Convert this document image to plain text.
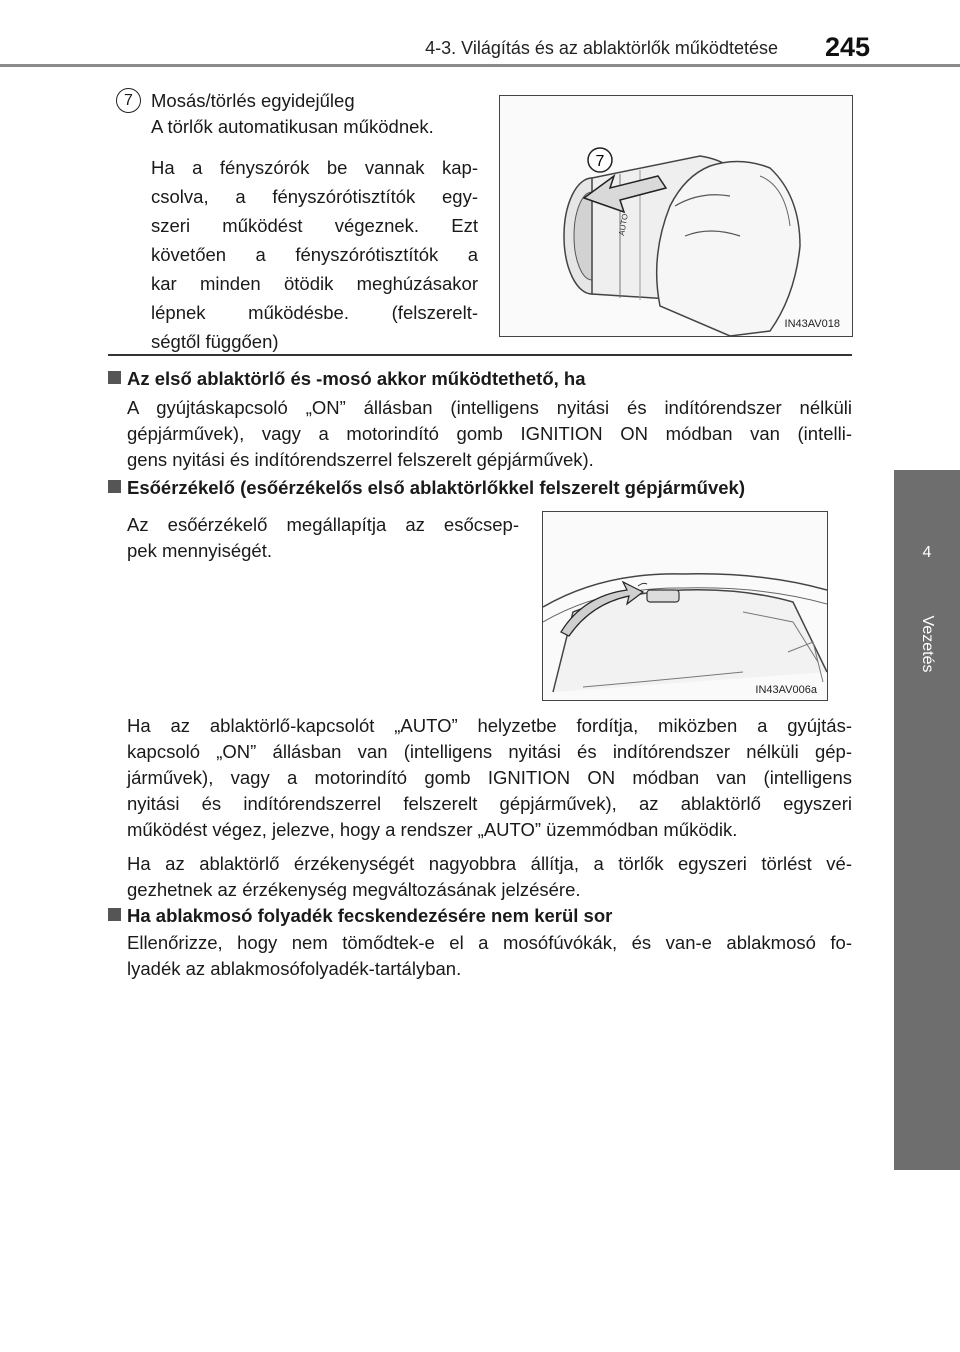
4-3. Világítás és az ablaktörlők működtetése	245
4
Vezetés
7 Mosás/törlés egyidejűleg
A törlők automatikusan működnek.
Ha a fényszórók be vannak kap-
csolva, a fényszórótisztítók egy-
szeri működést végeznek. Ezt
követően a fényszórótisztítók a
kar minden ötödik meghúzásakor
lépnek működésbe. (felszerelt-
ségtől függően)
AUTO
7
IN43AV018
Az első ablaktörlő és -mosó akkor működtethető, ha
A gyújtáskapcsoló „ON” állásban (intelligens nyitási és indítórendszer nélküli
gépjárművek), vagy a motorindító gomb IGNITION ON módban van (intelli-
gens nyitási és indítórendszerrel felszerelt gépjárművek).
Esőérzékelő (esőérzékelős első ablaktörlőkkel felszerelt gépjárművek)
Az esőérzékelő megállapítja az esőcsep-
pek mennyiségét.
IN43AV006a
Ha az ablaktörlő-kapcsolót „AUTO” helyzetbe fordítja, miközben a gyújtás-
kapcsoló „ON” állásban van (intelligens nyitási és indítórendszer nélküli gép-
járművek), vagy a motorindító gomb IGNITION ON módban van (intelligens
nyitási és indítórendszerrel felszerelt gépjárművek), az ablaktörlő egyszeri
működést végez, jelezve, hogy a rendszer „AUTO” üzemmódban működik.
Ha az ablaktörlő érzékenységét nagyobbra állítja, a törlők egyszeri törlést vé-
gezhetnek az érzékenység megváltozásának jelzésére.
Ha ablakmosó folyadék fecskendezésére nem kerül sor
Ellenőrizze, hogy nem tömődtek-e el a mosófúvókák, és van-e ablakmosó fo-
lyadék az ablakmosófolyadék-tartályban.
